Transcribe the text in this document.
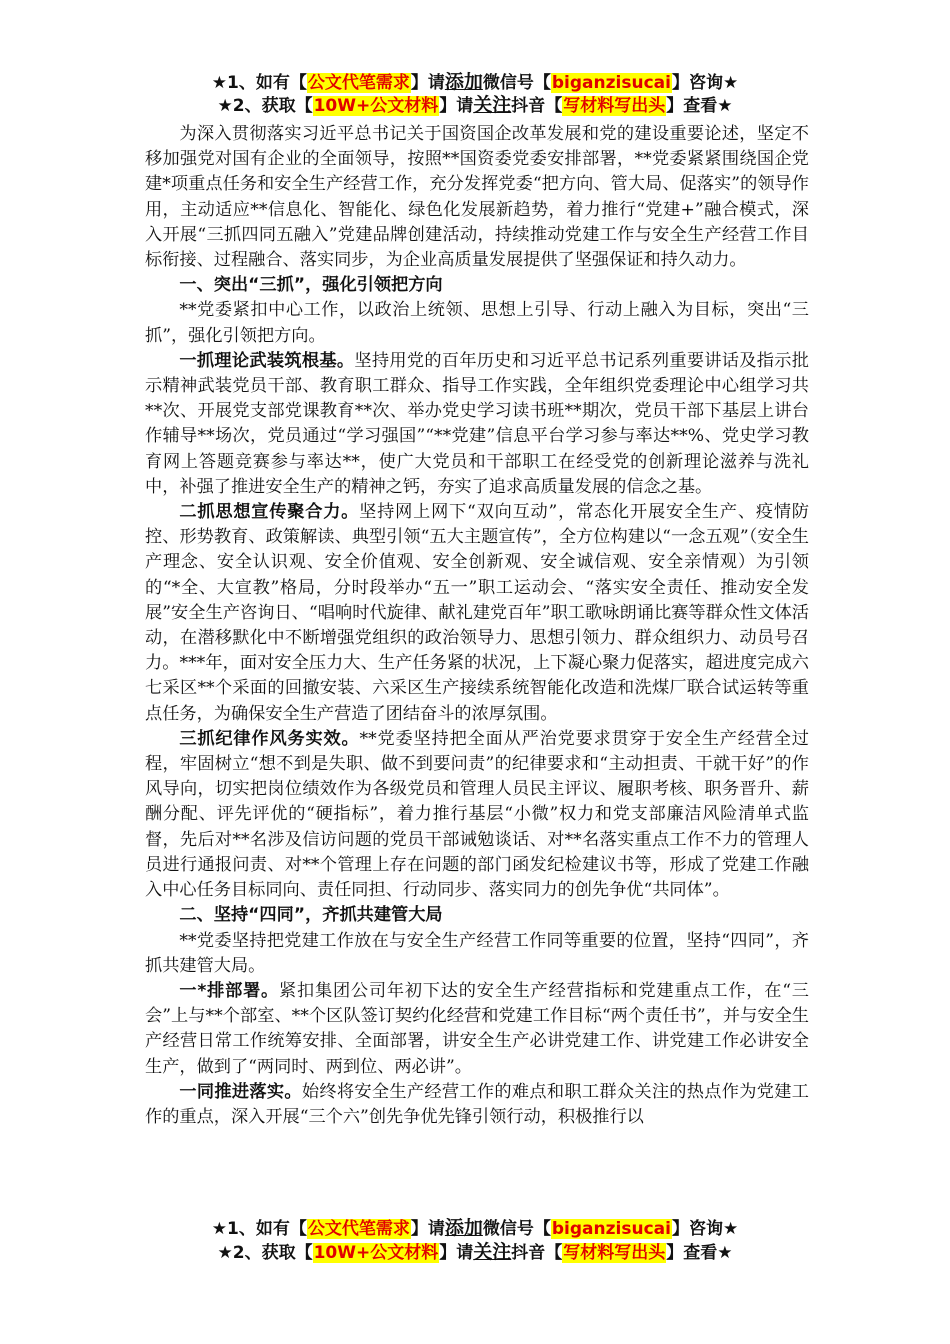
★1、如有【公文代笔需求】请添加微信号【biganzisucai】咨询★
★2、获取【10W+公文材料】请关注抖音【写材料写出头】查看★

为深入贯彻落实习近平总书记关于国资国企改革发展和党的建设重要论述，坚定不移加强党对国有企业的全面领导，按照**国资委党委安排部署，**党委紧紧围绕国企党建*项重点任务和安全生产经营工作，充分发挥党委“把方向、管大局、促落实”的领导作用，主动适应**信息化、智能化、绿色化发展新趋势，着力推行“党建+”融合模式，深入开展“三抓四同五融入”党建品牌创建活动，持续推动党建工作与安全生产经营工作目标衔接、过程融合、落实同步，为企业高质量发展提供了坚强保证和持久动力。

一、突出“三抓”，强化引领把方向

**党委紧扣中心工作，以政治上统领、思想上引导、行动上融入为目标，突出“三抓”，强化引领把方向。

一抓理论武装筑根基。坚持用党的百年历史和习近平总书记系列重要讲话及指示批示精神武装党员干部、教育职工群众、指导工作实践，全年组织党委理论中心组学习共**次、开展党支部党课教育**次、举办党史学习读书班**期次，党员干部下基层上讲台作辅导**场次，党员通过“学习强国”“**党建”信息平台学习参与率达**%、党史学习教育网上答题竞赛参与率达**，使广大党员和干部职工在经受党的创新理论滋养与洗礼中，补强了推进安全生产的精神之钙，夯实了追求高质量发展的信念之基。

二抓思想宣传聚合力。坚持网上网下“双向互动”，常态化开展安全生产、疫情防控、形势教育、政策解读、典型引领“五大主题宣传”，全方位构建以“一念五观”（安全生产理念、安全认识观、安全价值观、安全创新观、安全诚信观、安全亲情观）为引领的“*全、大宣教”格局，分时段举办“五一”职工运动会、“落实安全责任、推动安全发展”安全生产咨询日、“唱响时代旋律、献礼建党百年”职工歌咏朗诵比赛等群众性文体活动，在潜移默化中不断增强党组织的政治领导力、思想引领力、群众组织力、动员号召力。***年，面对安全压力大、生产任务紧的状况，上下凝心聚力促落实，超进度完成六七采区**个采面的回撤安装、六采区生产接续系统智能化改造和洗煤厂联合试运转等重点任务，为确保安全生产营造了团结奋斗的浓厚氛围。

三抓纪律作风务实效。**党委坚持把全面从严治党要求贯穿于安全生产经营全过程，牢固树立“想不到是失职、做不到要问责”的纪律要求和“主动担责、干就干好”的作风导向，切实把岗位绩效作为各级党员和管理人员民主评议、履职考核、职务晋升、薪酬分配、评先评优的“硬指标”，着力推行基层“小微”权力和党支部廉洁风险清单式监督，先后对**名涉及信访问题的党员干部诫勉谈话、对**名落实重点工作不力的管理人员进行通报问责、对**个管理上存在问题的部门函发纪检建议书等，形成了党建工作融入中心任务目标同向、责任同担、行动同步、落实同力的创先争优“共同体”。

二、坚持“四同”，齐抓共建管大局

**党委坚持把党建工作放在与安全生产经营工作同等重要的位置，坚持“四同”，齐抓共建管大局。

一*排部署。紧扣集团公司年初下达的安全生产经营指标和党建重点工作，在“三会”上与**个部室、**个区队签订契约化经营和党建工作目标“两个责任书”，并与安全生产经营日常工作统筹安排、全面部署，讲安全生产必讲党建工作、讲党建工作必讲安全生产，做到了“两同时、两到位、两必讲”。

一同推进落实。始终将安全生产经营工作的难点和职工群众关注的热点作为党建工作的重点，深入开展“三个六”创先争优先锋引领行动，积极推行以

★1、如有【公文代笔需求】请添加微信号【biganzisucai】咨询★
★2、获取【10W+公文材料】请关注抖音【写材料写出头】查看★
